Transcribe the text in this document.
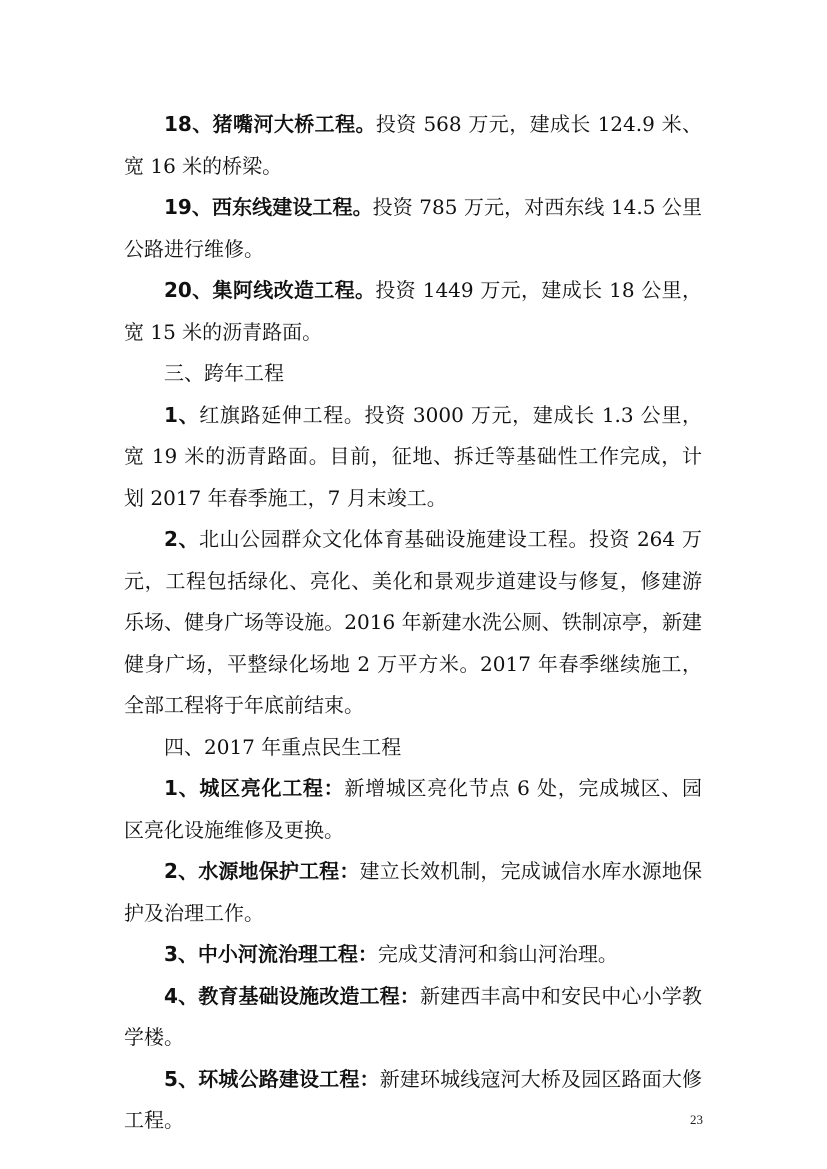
18、猪嘴河大桥工程。投资 568 万元，建成长 124.9 米、宽 16 米的桥梁。

19、西东线建设工程。投资 785 万元，对西东线 14.5 公里公路进行维修。

20、集阿线改造工程。投资 1449 万元，建成长 18 公里，宽 15 米的沥青路面。

三、跨年工程

1、红旗路延伸工程。投资 3000 万元，建成长 1.3 公里，宽 19 米的沥青路面。目前，征地、拆迁等基础性工作完成，计划 2017 年春季施工，7 月末竣工。

2、北山公园群众文化体育基础设施建设工程。投资 264 万元，工程包括绿化、亮化、美化和景观步道建设与修复，修建游乐场、健身广场等设施。2016 年新建水洗公厕、铁制凉亭，新建健身广场，平整绿化场地 2 万平方米。2017 年春季继续施工，全部工程将于年底前结束。

四、2017 年重点民生工程

1、城区亮化工程：新增城区亮化节点 6 处，完成城区、园区亮化设施维修及更换。

2、水源地保护工程：建立长效机制，完成诚信水库水源地保护及治理工作。

3、中小河流治理工程：完成艾清河和翁山河治理。

4、教育基础设施改造工程：新建西丰高中和安民中心小学教学楼。

5、环城公路建设工程：新建环城线寇河大桥及园区路面大修工程。	23
